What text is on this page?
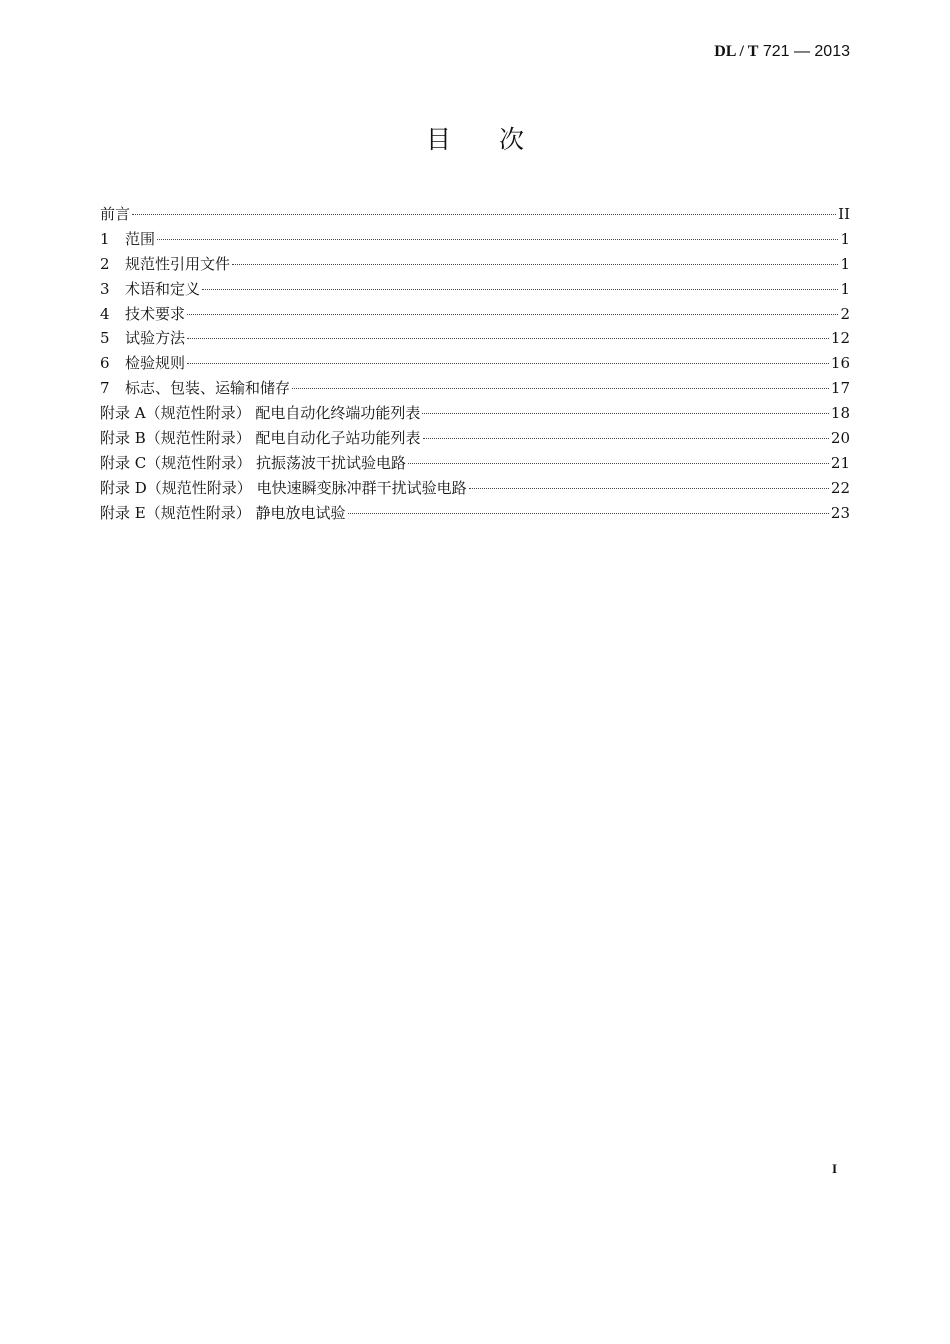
DL / T 721 — 2013
目次
前言	II
1	范围	1
2	规范性引用文件	1
3	术语和定义	1
4	技术要求	2
5	试验方法	12
6	检验规则	16
7	标志、包装、运输和储存	17
附录 A（规范性附录） 配电自动化终端功能列表	18
附录 B（规范性附录） 配电自动化子站功能列表	20
附录 C（规范性附录） 抗振荡波干扰试验电路	21
附录 D（规范性附录） 电快速瞬变脉冲群干扰试验电路	22
附录 E（规范性附录） 静电放电试验	23
I
